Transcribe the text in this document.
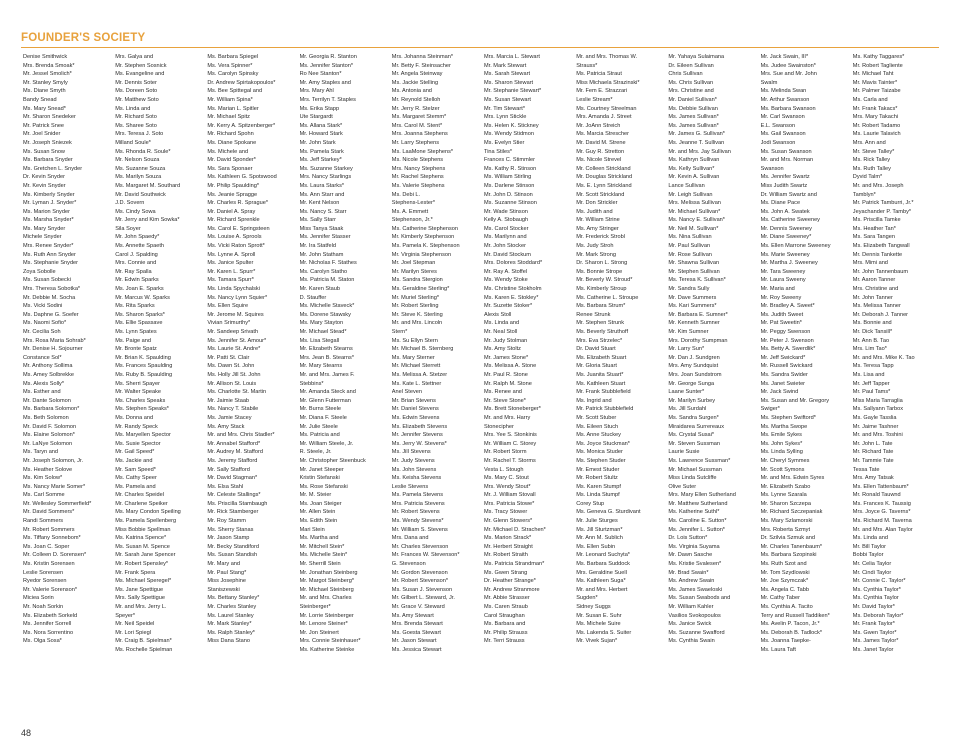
FOUNDER'S SOCIETY
Denise Smithwick
Mrs. Brenda Smoak*
Mr. Jessel Smolich*
Mr. Stanley Smyly
Ms. Diane Smyth
Bandy Snead
Ms. Mary Snead*
Mr. Sharon Snedeker
Mr. Patrick Snee
Mr. Joel Snider
Mr. Joseph Sniezek
Ms. Susan Snow
Ms. Barbara Snyder
Ms. Gretchen L. Snyder
Dr. Kevin Snyder
Mr. Kevin Snyder
Ms. Kimberly Snyder
Mr. Lyman J. Snyder*
Ms. Marion Snyder
Ms. Marsha Snyder*
Ms. Mary Snyder
Michele Snyder
Mrs. Renee Snyder*
Ms. Ruth Ann Snyder
Ms. Stephanie Snyder
Zoya Sobolle
Ms. Susan Sobecki
Mrs. Theresa Sobotka*
Mr. Debbie M. Socha
Ms. Vicki Sodini
Ms. Daphne G. Soefer
Ms. Naomi Sofio*
Mr. Cecilia Soh
Mrs. Rosa Maria Sohrab*
Mr. Denise H. Sojourner
Constance Sol*
Mr. Anthony Sollima
Ms. Amey Solbrekke
Ms. Alexis Solly*
Ms. Esther and
Mr. Dante Solomon
Ms. Barbara Solomon*
Ms. Beth Solomon
Mr. David F. Solomon
Ms. Elaine Solomon*
Mr. LaNye Solomon
Ms. Taryn and
Mr. Joseph Solomon, Jr.
Ms. Heather Solove
Ms. Kim Solow*
Ms. Nancy Marie Somer*
Ms. Carl Somme
Mr. Wellesley Sommerfield*
Mr. David Sommers*
Randi Sommers
Mr. Robert Sommers
Ms. Tiffany Sonnebom*
Ms. Joan C. Soper
Mr. Colleen D. Sorensen*
Ms. Kristin Sorensen
Leslie Sorensen
Ryedor Sorensen
Mr. Valerie Sorenson*
Miciea Sorin
Mr. Noah Sorkin
Ms. Elizabeth Sorkeld
Ms. Jennifer Sorrell
Ms. Nora Sorrentino
Ms. Olga Sosa*
Mrs. Galya and
Mr. Stephen Sosnick
Ms. Evangeline and
Mr. Dennis Soter
Ms. Doreen Soto
Mr. Matthew Soto
Ms. Linda and
Mr. Richard Soto
Ms. Sharee Soto
Mrs. Teresa J. Soto
Milland Soule*
Ms. Rhonda R. Soule*
Mr. Nelson Souza
Ms. Suzanne Souza
Ms. Marilyn Souza
Ms. Margaret M. Southard
Mr. David Southwick
J.D. Sovern
Ms. Cindy Sowa
Mr. Jerry and Kim Sowka*
Sila Soyer
Mr. John Spaedy*
Ms. Annette Spaeth
Carol J. Spalding
Mrs. Connie and
Mr. Ray Spalla
Mr. Edwin Sparks
Ms. Joan E. Sparks
Mr. Marcus W. Sparks
Ms. Rita Sparks
Ms. Sharon Sparks*
Ms. Ellie Spassave
Ms. Lynn Spates
Ms. Paige and
Mr. Bronte Spatz
Mr. Brian K. Spaulding
Ms. Frances Spaulding
Ms. Ruby B. Spaulding
Ms. Sherri Spayer
Mr. Walter Speake
Ms. Charles Speaks
Ms. Stephen Speaks*
Ms. Donna and
Mr. Randy Speck
Ms. Maryellen Spector
Ms. Susie Spector
Mr. Gail Speed*
Ms. Jackie and
Mr. Sam Speed*
Ms. Cathy Speer
Ms. Pamela and
Mr. Charles Speidel
Mr. Charlene Speiker
Ms. Mary Condon Speiling
Ms. Pamela Spellenberg
Miss Bobbie Spellman
Ms. Katrina Spence*
Ms. Susan M. Spence
Mr. Sarah Jane Spencer
Mr. Robert Spensley*
Mr. Frank Spera
Ms. Michael Speregel*
Ms. Jane Spettigue
Mrs. Sally Spettigue
Mr. and Mrs. Jerry L.
Speyer*
Mr. Neil Speidel
Mr. Lori Spiegl
Mr. Craig B. Spielman*
Ms. Rochelle Spielman
Ms. Barbara Spiegel
Ms. Vera Spinner*
Ms. Carolyn Spinsky
Dr. Andrew Spirtakopoulos*
Ms. Bee Spittegal and
Mr. William Spina*
Ms. Marian L. Spitler
Mr. Michael Spitz
Mr. Kerry A. Spitzenberger*
Mr. Richard Spohn
Ms. Diane Spokane
Ms. Michele and
Mr. David Sponder*
Ms. Sara Sponaer
Ms. Kathleen G. Spotswood
Mr. Philip Spaulding*
Ms. Jeanie Spragge
Mr. Charles R. Sprague*
Mr. Daniel A. Spray
Mr. Richard Sprenkle
Ms. Carol E. Springsteen
Ms. Louise A. Sprools
Ms. Vicki Raton Sprott*
Ms. Lynne A. Sproll
Ms. Janice Spulter
Mr. Karen L. Spurr*
Ms. Tamara Spurr*
Ms. Linda Spychalski
Ms. Nancy Lynn Squier*
Ms. Ellen Squire
Mr. Jerome M. Squires
Vivian Srimurthy*
Mr. Sandeep Srivath
Ms. Jennifer St. Amour*
Ms. Laurie St. Andre*
Mr. Patti St. Clair
Ms. Dawn St. John
Ms. Holly Jill St. John
Mr. Allison St. Louis
Ms. Charlotte St. Martin
Mr. Jaimie Staab
Ms. Nancy T. Stabile
Ms. Jamie Stacey
Ms. Amy Stack
Mr. and Mrs. Chris Stadler*
Mr. Annabel Stafford*
Mr. Audrey M. Stafford
Ms. Jeremy Stafford
Mr. Sally Stafford
Mr. David Stagman*
Ms. Elsa Stahl
Mr. Celeste Stallings*
Ms. Priscilla Stambaugh
Mr. Rick Stamberger
Mr. Roy Stamm
Ms. Sherry Stanas
Mr. Jason Stamp
Mr. Becky Standiford
Ms. Susan Standish
Mr. Mary and
Mr. Paul Stang*
Miss Josephine
Staniszewski
Ms. Bettany Stanley*
Mr. Charles Stanley
Ms. Laurel Stanley
Mr. Mark Stanley*
Ms. Ralph Stanley*
Miss Dana Stano
Mr. Georgia R. Stanton
Ms. Jennifer Stanton*
Ro Nee Stanton*
Mr. Amy Staples and
Mrs. Mary Ahl
Mrs. Terrilyn T. Staples
Ms. Erika Stapp
Ute Stargardt
Ms. Allana Stark*
Mr. Howard Stark
Mr. John Stark
Ms. Pamela Stark
Ms. Jeff Starkey*
Ms. Suzanne Starkey
Mrs. Nancy Starlings
Ms. Laura Starks*
Ms. Ann Starr and
Mr. Kent Nelson
Ms. Nancy S. Starr
Ms. Sally Starr
Miss Tanya Staak
Ms. Jennifer Stasser
Mr. Ira Statfeld
Mr. John Statham
Mr. Nicholas F. Stathes
Ms. Carolyn Statho
Ms. Patricia M. Staton
Mr. Karen Staub
D. Stauffer
Ms. Michelle Staveck*
Ms. Dorene Stawsky
Ms. Mary Stayton
Mr. Michael Stead*
Ms. Lisa Stegall
Mr. Elizabeth Stearns
Mrs. Jean B. Stearns*
Mr. Mary Stearns
Mr. and Mrs. James F.
Stebbins*
Mr. Amanda Steck and
Mr. Glenn Futterman
Mr. Burns Steele
Mr. Diana F. Steele
Mr. Julie Steele
Ms. Patricia and
Mr. William Steele, Jr.
R. Steele, Jr.
Mr. Christopher Steenbuck
Mr. Janet Steeper
Kristin Stefanski
Ms. Rose Stefanski
Mr. M. Steier
Ms. Joan Steiger
Mr. Allen Stein
Ms. Edith Stein
Mari Stein
Ms. Martha and
Mr. Mitchell Stein*
Ms. Michelle Stein*
Mr. Sherrill Stein
Mr. Jonathan Steinberg
Mr. Margot Steinberg*
Mr. Michael Steinberg
Mr. and Mrs. Charles
Steinberger*
Mr. Lorrie Steinberger
Mr. Lenore Steiner*
Mr. Jon Steinert
Mrs. Connie Steinhauer*
Ms. Katherine Steinke
Mrs. Johanna Steinman*
Mr. Betty F. Steinsacher
Mr. Angela Steinway
Ms. Jackie Stelling
Ms. Antonia and
Mr. Reynold Stelloh
Mr. Jerry R. Stelzer
Ms. Margaret Stemm*
Mrs. Carol M. Stent*
Mrs. Joanna Stephens
Mr. Larry Stephens
Ms. LaaMone Stephens*
Ms. Nicole Stephens
Mrs. Nancy Stephens
Mr. Rachel Stephens
Ms. Valerie Stephens
Ms. Debi L.
Stephens-Lester*
Ms. A. Emmett
Stephenson, Jr.*
Ms. Catherine Stephenson
Mr. Kimberly Stephenson
Ms. Pamela K. Stephenson
Mr. Virginia Stephenson
Mr. Joel Stepman
Mr. Marilyn Steres
Ms. Sandra Stergion
Ms. Geraldine Sterling*
Mr. Muriel Sterling*
Mr. Robert Sterling
Mr. Steve K. Sterling
Mr. and Mrs. Lincoln
Stern*
Ms. Su Ellyn Stern
Mr. Michael B. Sternberg
Ms. Mary Sterner
Mr. Michael Sterrett
Ms. Melissa A. Stetzer
Ms. Kate L. Stettner
Anel Steven
Mr. Brian Stevens
Mr. Daniel Stevens
Ms. Edwin Stevens
Ms. Elizabeth Stevens
Mr. Jennifer Stevens
Ms. Jerry W. Stevens*
Ms. Jill Stevens
Mr. Judy Stevens
Ms. John Stevens
Ms. Keisha Stevens
Leslie Stevens
Ms. Pamela Stevens
Mrs. Patricia Stevens
Mr. Robert Stevens
Ms. Wendy Stevens*
Mr. William S. Stevens
Mrs. Dana and
Mr. Charles Stevenson
Mr. Frances W. Stevenson*
G. Stevenson
Mr. Gordon Stevenson
Mr. Robert Stevenson*
Ms. Susan J. Stevenson
Mr. Gilbert L. Steward, Jr.
Mr. Grace V. Steward
Ms. Amy Stewart
Mrs. Brenda Stewart
Ms. Goesta Stewart
Mr. Jason Stewart
Ms. Jessica Stewart
Mrs. Marcia L. Stewart
Mr. Mark Stewart
Ms. Sarah Stewart
Ms. Sharon Stewart
Mr. Stephanie Stewart*
Ms. Susan Stewart
Mr. Tim Stewart*
Mrs. Lynn Stickle
Ms. Helen K. Stickney
Ms. Wendy Stidmon
Ms. Evelyn Stier
Tina Stiles*
Frances C. Stimmler
Ms. Kathy R. Stinson
Ms. William Stirling
Ms. Darlene Stinson
Mr. John D. Stinson
Ms. Suzanne Stinson
Mr. Wade Stinson
Kelly A. Stobaugh
Ms. Carol Stocker
Ms. Marilynn and
Mr. John Stocker
Mr. David Stockum
Mrs. Dolores Stoddard*
Mr. Ray A. Stoffel
Ms. Wendy Stoke
Ms. Christine Stokholm
Ms. Karen E. Stokley*
Mr. Suzette Stoker*
Alexis Stoll
Ms. Linda and
Mr. Neal Stoll
Mr. Judy Stolman
Ms. Amy Stoltz
Mr. James Stone*
Ms. Melissa A. Stone
Mr. Paul R. Stone
Mr. Ralph M. Stone
Ms. Renee and
Mr. Steve Stone*
Ms. Brett Stoneberger*
Mr. and Mrs. Harry
Stonecipher
Mrs. Yee S. Stonkinis
Mr. William C. Storey
Mr. Robert Storm
Mr. Rachel T. Storms
Vesta L. Stough
Ms. Mary C. Stout
Mrs. Wendy Stout*
Mr. J. William Stovall
Mrs. Patricia Stowe*
Ms. Tracy Stower
Mr. Glenn Stowers*
Mr. Michael D. Strachen*
Ms. Marion Strack*
Mr. Herbert Straight
Mr. Robert Straith
Ms. Patricia Strandman*
Ms. Gwen Strang
Dr. Heather Strange*
Mr. Andrew Stranmore
Mr. Abbie Strasser
Ms. Caren Straub
Carol Straughan
Ms. Barbara and
Mr. Philip Strauss
Mr. Terri Strauss
Mr. and Mrs. Thomas W.
Strauss*
Ms. Patricia Straut
Miss Michaela Strazinski*
Mr. Fem E. Strazzari
Leslie Stream*
Ms. Courtney Streelman
Mrs. Amanda J. Street
Mr. JoAnn Streich
Ms. Marcia Strescher
Mr. David M. Strene
Mr. Guy R. Stretton
Ms. Nicole Strevel
Mr. Colleen Strickland
Mr. Douglas Strickland
Ms. E. Lynn Strickland
Mr. Scott Strickland
Mr. Don Strickler
Ms. Judith and
Mr. William Strine
Ms. Amy Stringer
Mr. Frederick Strobl
Ms. Judy Stroh
Mr. Mark Strong
Dr. Sharon L. Strong
Ms. Bonnie Strope
Mr. Beverly W. Stroud*
Ms. Kimberly Stroup
Ms. Catherine L. Stroupe
Ms. Barbara Strum*
Renee Strunk
Mr. Stephen Strunk
Ms. Beverly Struthoff
Mrs. Eva Strzelec*
Dr. David Stuart
Ms. Elizabeth Stuart
Mr. Gloria Stuart
Ms. Juanita Stuart*
Ms. Kathleen Stuart
Mr. Frank Stubblefield
Ms. Ingrid and
Mr. Patrick Stubblefield
Mr. Scott Stuber
Ms. Eileen Stuch
Ms. Anne Stuckey
Ms. Joyce Stuckman*
Ms. Monica Studer
Ms. Stephen Studer
Mr. Emest Studer
Mr. Robert Stultz
Ms. Karen Stumpf
Ms. Linda Stumpf
Corey Stup
Ms. Geneva G. Sturdivant
Mr. Julie Sturges
Ms. Jill Sturtzman*
Mr. Ann M. Sublich
Ms. Ellen Subin
Mr. Leonard Suchyta*
Ms. Barbara Suddock
Mrs. Geraldine Suell
Ms. Kathleen Suga*
Mr. and Mrs. Herbert
Sugden*
Sidney Suggs
Mr. Susan E. Suhr
Ms. Michele Suire
Ms. Lakenda S. Suiter
Mr. Vivek Sujan*
Mr. Yahaya Sulaimana
Dr. Eileen Sullivan
Chris Sullivan
Ms. Chris Sullivan
Mrs. Christine and
Mr. Daniel Sullivan*
Ms. Debbie Sullivan
Ms. James Sullivan*
Ms. James Sullivan*
Mr. James G. Sullivan*
Ms. Jeanne T. Sullivan
Mr. and Mrs. Jay Sullivan
Ms. Kathryn Sullivan
Ms. Kelly Sullivan*
Mr. Kevin A. Sullivan
Lance Sullivan
Mr. Leigh Sullivan
Mrs. Melissa Sullivan
Mr. Michael Sullivan*
Ms. Nancy E. Sullivan*
Mr. Neil M. Sullivan*
Ms. Nina Sullivan
Mr. Paul Sullivan
Mr. Rose Sullivan
Mr. Shawna Sullivan
Mr. Stephen Sullivan
Ms. Teresa K. Sullivan*
Mr. Sandra Sully
Mr. Dave Summers
Ms. Kari Summers*
Mr. Barbara E. Sumner*
Mr. Kenneth Sumner
Mr. Kim Sumner
Mrs. Dorothy Sumpman
Mr. Larry Sun*
Mr. Dan J. Sundgren
Mrs. Amy Sundquist
Mrs. Joan Sundstrom
Mr. George Sunga
Laane Sunter*
Mr. Marilyn Surbey
Ms. Jill Surdahl
Ms. Sandra Surgen*
Miraidarea Surrereaux
Ms. Crystal Susai*
Mr. Steven Sussman
Laurie Susie
Ms. Lawrence Sussman*
Mr. Michael Sussman
Miss Linda Sutcliffe
Olive Suter
Mrs. Mary Ellen Sutherland
Mr. Matthew Sutherland
Ms. Katherine Suthl*
Ms. Caroline E. Sutton*
Ms. Jennifer L. Sutton*
Dr. Lois Sutton*
Ms. Virginia Suyama
Mr. Dawn Sasche
Ms. Kristie Svalesen*
Mr. Brad Swain*
Ms. Andrew Swain
Ms. James Swaeloski
Ms. Susan Swabods and
Mr. William Kahler
Vasilios Svokopoulos
Ms. Janice Swick
Ms. Suzanne Swafford
Ms. Cynthia Swain
Mr. Jack Swain, III*
Ms. Judee Swainston*
Mrs. Sue and Mr. John
Swalm
Ms. Melinda Swan
Mr. Arthur Swanson
Ms. Barbara Swanson
Mr. Carl Swanson
E.L. Swanson
Ms. Gail Swanson
Jodi Swanson
Ms. Susan Swanson
Mr. and Mrs. Norman
Swanson
Ms. Jennifer Swartz
Miss Judith Swartz
Dr. William Swartz and
Ms. Diane Pace
Ms. John A. Swatek
Ms. Catherine Sweeney
Mr. Dennis Sweeney
Mr. Diane Sweeney*
Ms. Ellen Marrone Sweeney
Ms. Marie Sweeney
Mr. Martha J. Sweeney
Mr. Tara Sweeney
Mr. Laura Sweeny
Mr. Maria and
Mr. Roy Sweeny
Mr. Bradley A. Sweet*
Ms. Judith Sweet
Mr. Pat Sweetin*
Mr. Peggy Swenson
Mr. Peter J. Swenson
Ms. Betty A. Swerdlik*
Mr. Jeff Swickard*
Mr. Russell Swickard
Ms. Sandra Swider
Ms. Janet Swieter
Mr. Jack Swind
Ms. Susan and Mr. Gregory
Swiger*
Ms. Stephen Swiftord*
Ms. Martha Swope
Ms. Emile Sykes
Ms. John Sykes*
Ms. Linda Sylling
Mr. Cheryl Symmes
Mr. Scott Symons
Mr. and Mrs. Edwin Syres
Mr. Elizabeth Szabo
Ms. Lynne Szarala
Mr. Sharon Szczepa
Mr. Richard Szczepaniak
Ms. Mary Szlamorski
Mrs. Roberta Szmyt
Dr. Szilvia Szmuk and
Mr. Charles Tanenbaum*
Ms. Barbara Szopinski
Ms. Ruth Szot and
Mr. Tom Szydlowski
Mr. Joe Szymczak*
Ms. Angela C. Tabb
Mr. Cathy Taber
Ms. Cynthia A. Tacito
Terry and Russell Taddiken*
Ms. Avelin P. Tacon, Jr.*
Ms. Deborah B. Tadlock*
Ms. Joanna Taepke-
Ms. Laura Taft
Ms. Kathy Taggares*
Mr. Robert Tagliente
Mr. Michael Taht
Mr. Mavis Tainter*
Mr. Palmer Taizabe
Ms. Carla and
Mr. Frank Takacs*
Mrs. Mary Takachi
Mr. Robert Tadamo
Ms. Laurie Talavich
Mrs. Ann and
Mr. Steve Talley*
Ms. Rick Talley
Ms. Ruth Talley
Dyvid Talm*
Mr. and Mrs. Joseph
Tamblyn*
Mr. Patrick Tamburri, Jr.*
Jeyachander P. Tamby*
Ms. Priscilla Tamke
Ms. Heather Tan*
Ms. Sara Tangen
Ms. Elizabeth Tangwall
Mr. Dennis Tankette
Mrs. Mimi and
Mr. John Tannenbaum
Mr. Aaron Tanner
Mrs. Christine and
Mr. John Tanner
Ms. Melissa Tanner
Mr. Deborah J. Tanner
Ms. Bonnie and
Mr. Dick Tansill*
Mr. Ann B. Tao
Mrs. Lim Tao*
Mr. and Mrs. Mike K. Tao
Ms. Teresa Tapp
Ms. Lisa and
Mr. Jeff Tapper
Mr. Paul Tams*
Miss Maria Tarraglia
Ms. Sallyann Tarbox
Ms. Gayle Tasslia
Mr. Jaime Tashner
Mr. and Mrs. Toshini
Mr. John L. Tate
Mr. Richard Tate
Mr. Tammie Tate
Tessa Tate
Mrs. Amy Tatsak
Ms. Ellen Tattenbaum*
Mr. Ronald Tauwnd
Ms. Frances K. Taussig
Mrs. Joyce G. Taverns*
Ms. Richard M. Taverna
Mr. and Mrs. Alan Taylor
Ms. Linda and
Mr. Bill Taylor
Bobbi Taylor
Mr. Celia Taylor
Mr. Cindi Taylor
Mr. Connie C. Taylor*
Ms. Cynthia Taylor*
Ms. Cynthia Taylor
Mr. David Taylor*
Ms. Deborah Taylor*
Mr. Frank Taylor*
Ms. Gwen Taylor*
Ms. James Taylor*
Ms. Janet Taylor
48
